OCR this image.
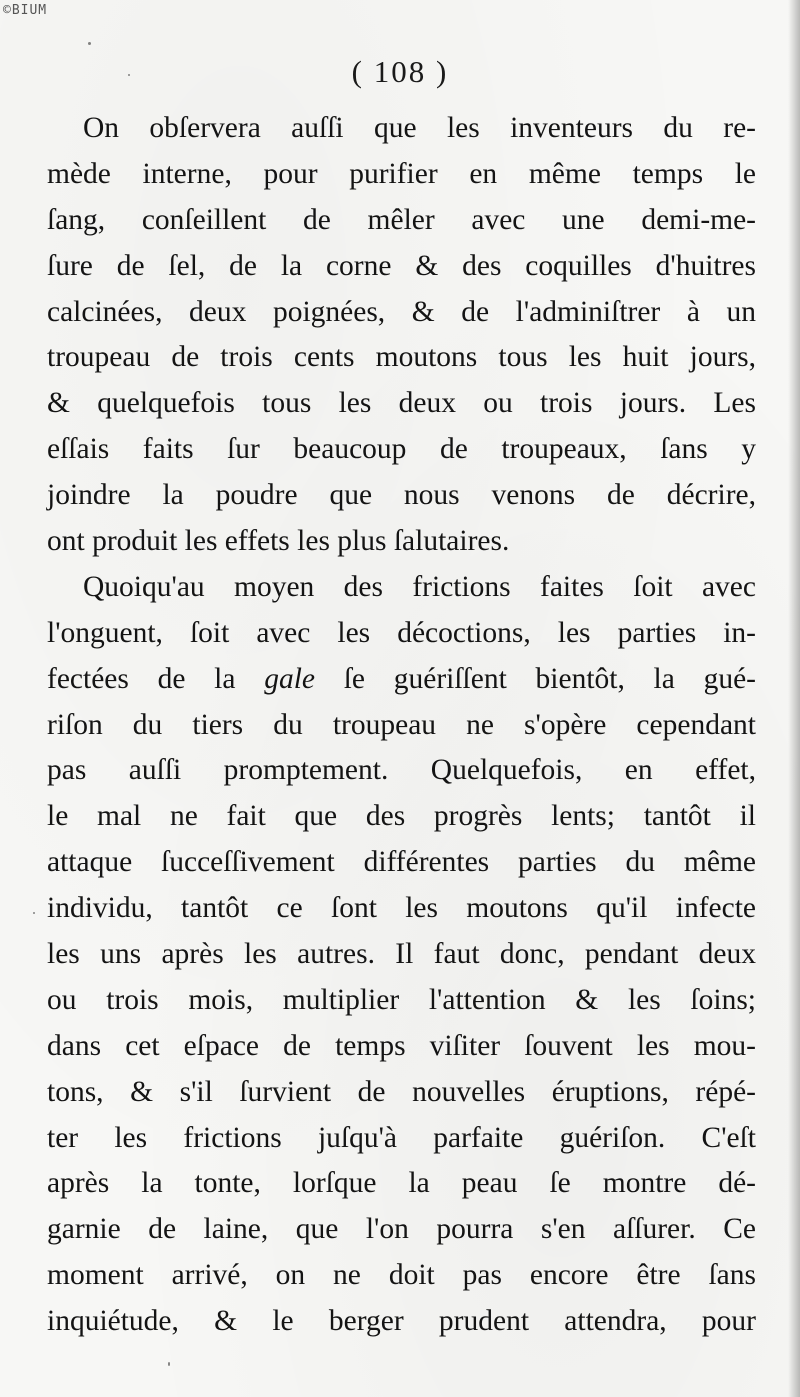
©BIUM
( 108 )
On obſervera auſſi que les inventeurs du re-
mède interne, pour purifier en même temps le
ſang, conſeillent de mêler avec une demi-me-
ſure de ſel, de la corne & des coquilles d'huitres
calcinées, deux poignées, & de l'adminiſtrer à un
troupeau de trois cents moutons tous les huit jours,
& quelquefois tous les deux ou trois jours. Les
eſſais faits ſur beaucoup de troupeaux, ſans y
joindre la poudre que nous venons de décrire,
ont produit les effets les plus ſalutaires.
Quoiqu'au moyen des frictions faites ſoit avec
l'onguent, ſoit avec les décoctions, les parties in-
fectées de la gale ſe guériſſent bientôt, la gué-
riſon du tiers du troupeau ne s'opère cependant
pas auſſi promptement. Quelquefois, en effet,
le mal ne fait que des progrès lents; tantôt il
attaque ſucceſſivement différentes parties du même
individu, tantôt ce ſont les moutons qu'il infecte
les uns après les autres. Il faut donc, pendant deux
ou trois mois, multiplier l'attention & les ſoins;
dans cet eſpace de temps viſiter ſouvent les mou-
tons, & s'il ſurvient de nouvelles éruptions, répé-
ter les frictions juſqu'à parfaite guériſon. C'eſt
après la tonte, lorſque la peau ſe montre dé-
garnie de laine, que l'on pourra s'en aſſurer. Ce
moment arrivé, on ne doit pas encore être ſans
inquiétude, & le berger prudent attendra, pour
